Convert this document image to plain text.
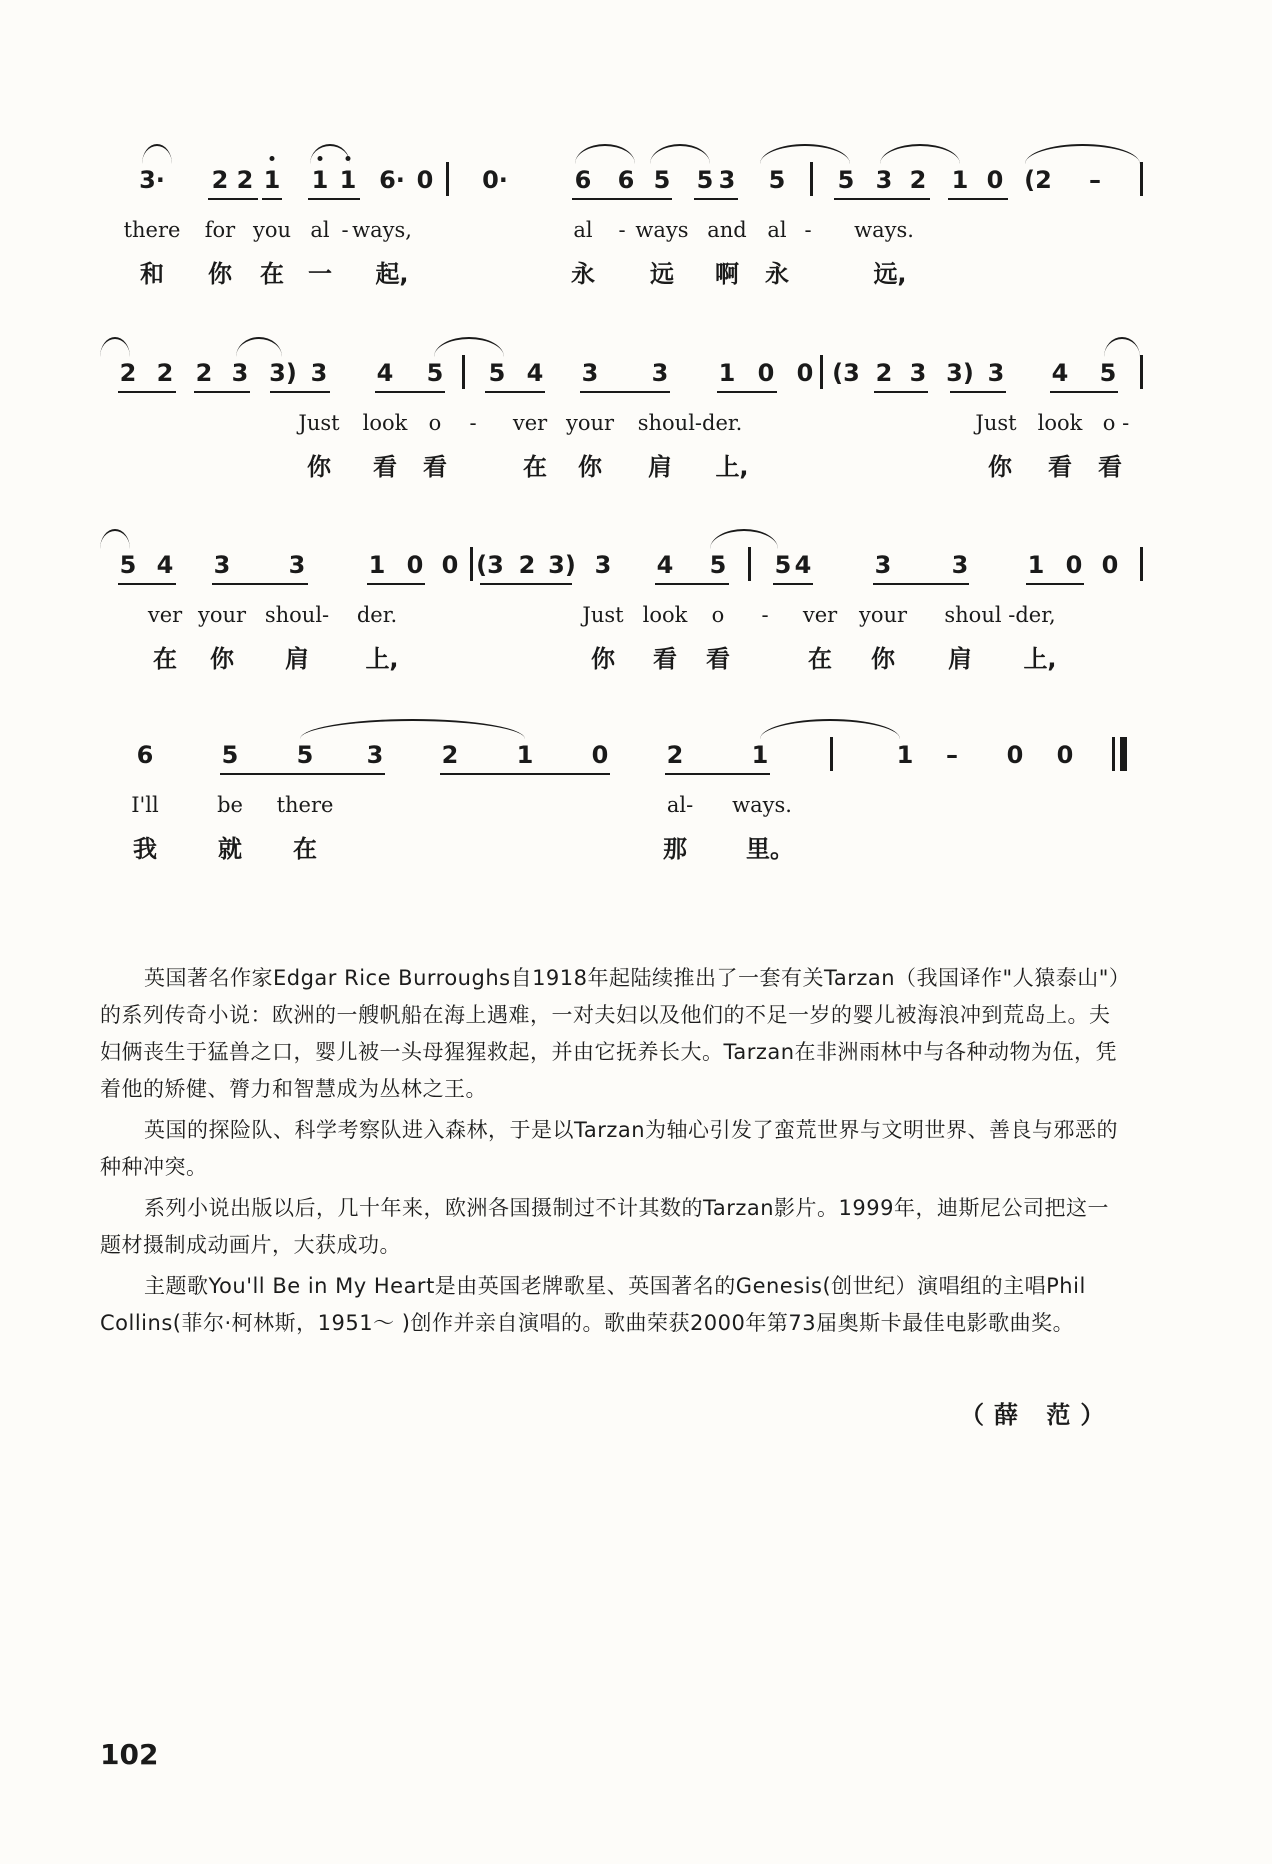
3· 2 2 1 1 1 6· 0 0·	6 6 5 5 3 5 5 3 2 1 0 (2 –
there for you al - ways,	al - ways and al - ways.
和 你 在 一 起,	永 远 啊 永	远,
2 2 2 3 3) 3 4 5 5 4 3 3 1 0 0 (3 2 3 3) 3 4 5
Just look o - ver your shoul-der.	Just look o -
你 看 看	在 你 肩 上,	你 看 看
5 4 3 3	1 0 0 (3 2 3) 3 4 5 5 4	3	3 1 0 0
ver your shoul- der.	Just look o - ver your shoul -der,
在 你 肩 上,	你 看 看	在 你 肩 上,
6	5 5 3 2 1 0 2	1	1 – 0 0
I'll	be there	al- ways.
我	就 在	那 里。

英国著名作家Edgar Rice Burroughs自1918年起陆续推出了一套有关Tarzan（我国译作"人猿泰山"）的系列传奇小说：欧洲的一艘帆船在海上遇难，一对夫妇以及他们的不足一岁的婴儿被海浪冲到荒岛上。夫妇俩丧生于猛兽之口，婴儿被一头母猩猩救起，并由它抚养长大。Tarzan在非洲雨林中与各种动物为伍，凭着他的矫健、膂力和智慧成为丛林之王。

英国的探险队、科学考察队进入森林，于是以Tarzan为轴心引发了蛮荒世界与文明世界、善良与邪恶的种种冲突。

系列小说出版以后，几十年来，欧洲各国摄制过不计其数的Tarzan影片。1999年，迪斯尼公司把这一题材摄制成动画片，大获成功。

主题歌You'll Be in My Heart是由英国老牌歌星、英国著名的Genesis(创世纪）演唱组的主唱Phil Collins(菲尔·柯林斯，1951～ )创作并亲自演唱的。歌曲荣获2000年第73届奥斯卡最佳电影歌曲奖。

（薛 范）
102
